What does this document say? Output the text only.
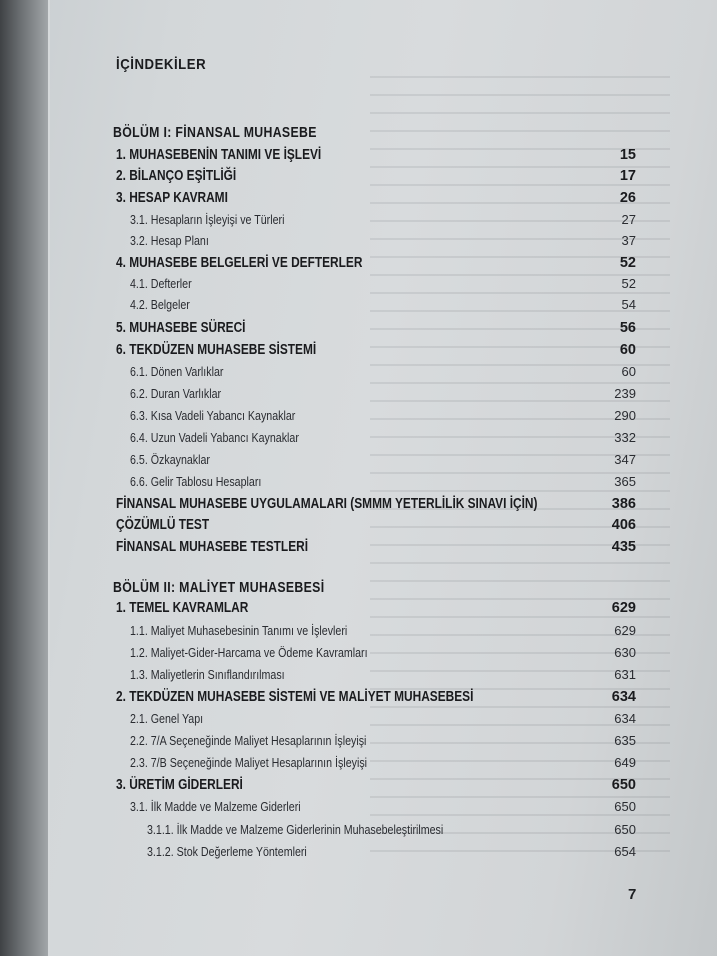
İÇİNDEKİLER
BÖLÜM I: FİNANSAL MUHASEBE
1. MUHASEBENİN TANIMI VE İŞLEVİ	15
2. BİLANÇO EŞİTLİĞİ	17
3. HESAP KAVRAMI	26
3.1. Hesapların İşleyişi ve Türleri	27
3.2. Hesap Planı	37
4. MUHASEBE BELGELERİ VE DEFTERLER	52
4.1. Defterler	52
4.2. Belgeler	54
5. MUHASEBE SÜRECİ	56
6. TEKDÜZEN MUHASEBE SİSTEMİ	60
6.1. Dönen Varlıklar	60
6.2. Duran Varlıklar	239
6.3. Kısa Vadeli Yabancı Kaynaklar	290
6.4. Uzun Vadeli Yabancı Kaynaklar	332
6.5. Özkaynaklar	347
6.6. Gelir Tablosu Hesapları	365
FİNANSAL MUHASEBE UYGULAMALARI (SMMM YETERLİLİK SINAVI İÇİN)	386
ÇÖZÜMLÜ TEST	406
FİNANSAL MUHASEBE TESTLERİ	435
BÖLÜM II: MALİYET MUHASEBESİ
1. TEMEL KAVRAMLAR	629
1.1. Maliyet Muhasebesinin Tanımı ve İşlevleri	629
1.2. Maliyet-Gider-Harcama ve Ödeme Kavramları	630
1.3. Maliyetlerin Sınıflandırılması	631
2. TEKDÜZEN MUHASEBE SİSTEMİ VE MALİYET MUHASEBESİ	634
2.1. Genel Yapı	634
2.2. 7/A Seçeneğinde Maliyet Hesaplarının İşleyişi	635
2.3. 7/B Seçeneğinde Maliyet Hesaplarının İşleyişi	649
3. ÜRETİM GİDERLERİ	650
3.1. İlk Madde ve Malzeme Giderleri	650
3.1.1. İlk Madde ve Malzeme Giderlerinin Muhasebeleştirilmesi	650
3.1.2. Stok Değerleme Yöntemleri	654
7
